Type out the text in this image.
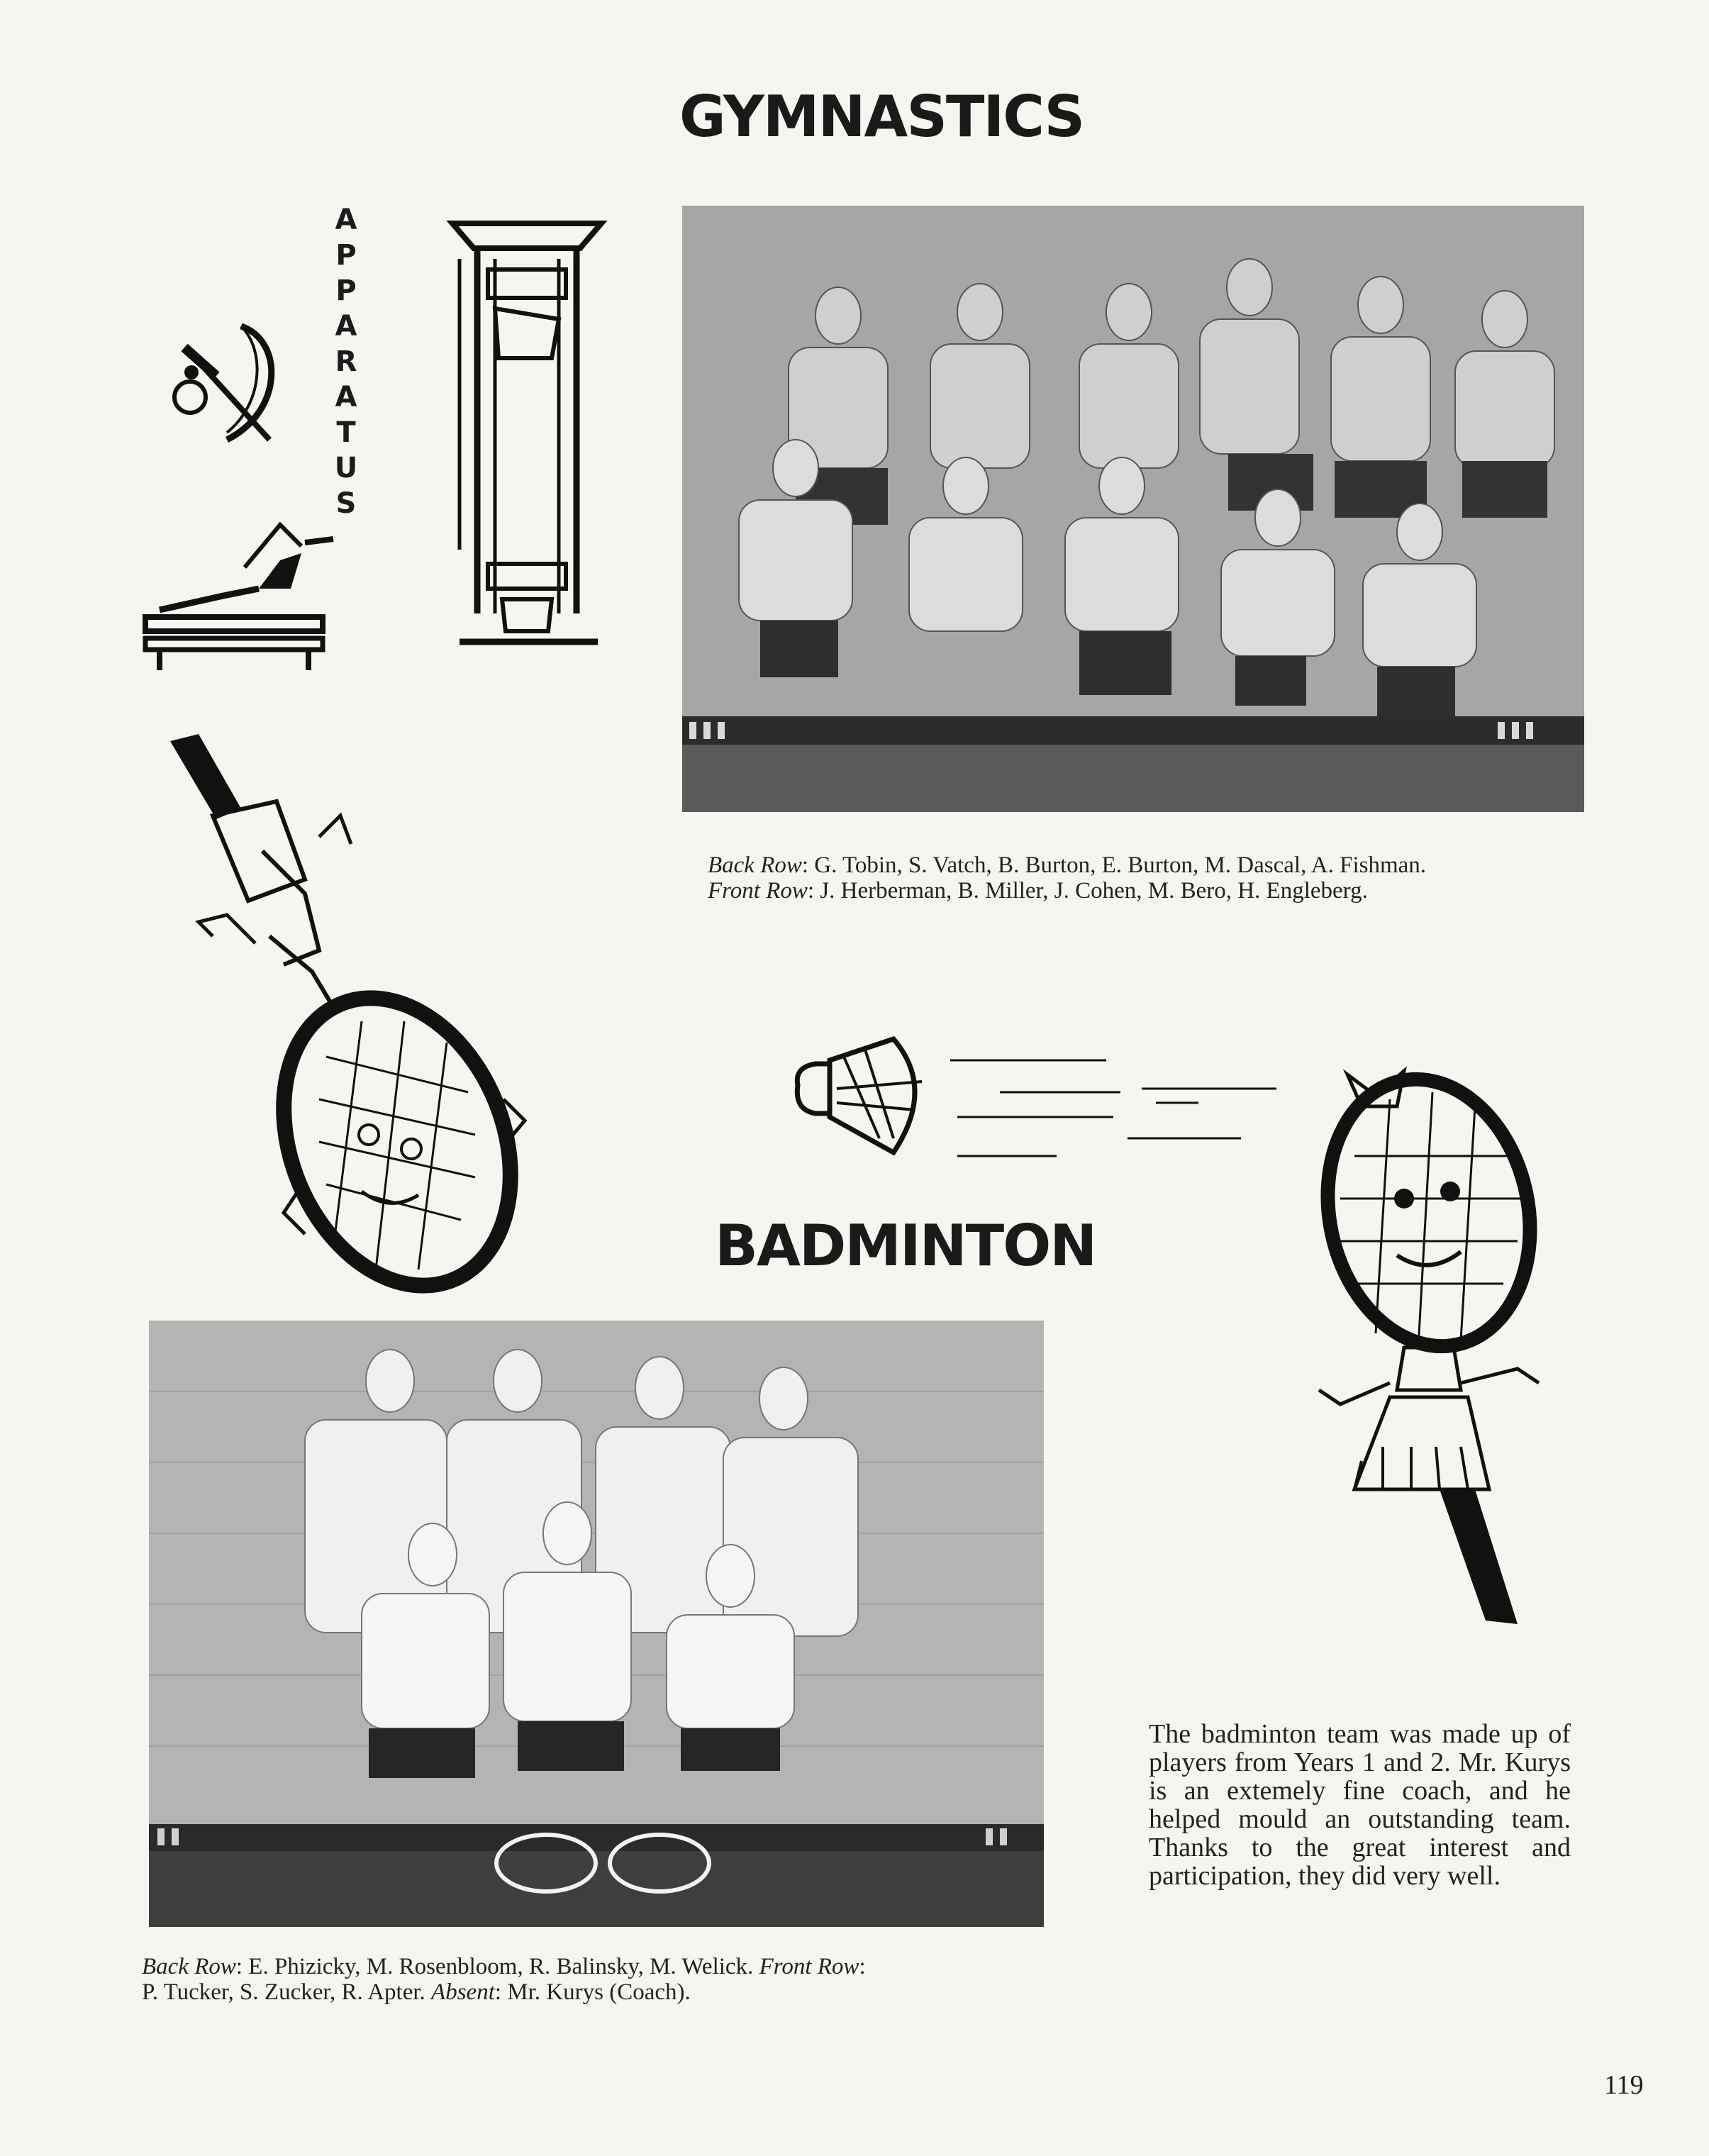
GYMNASTICS
A
P
P
A
R
A
T
U
S
Back Row: G. Tobin, S. Vatch, B. Burton, E. Burton, M. Dascal, A. Fishman.
Front Row: J. Herberman, B. Miller, J. Cohen, M. Bero, H. Engleberg.
BADMINTON
The badminton team was made up of players from Years 1 and 2. Mr. Kurys is an extemely fine coach, and he helped mould an outstanding team. Thanks to the great interest and participation, they did very well.
Back Row: E. Phizicky, M. Rosenbloom, R. Balinsky, M. Welick. Front Row:
P. Tucker, S. Zucker, R. Apter. Absent: Mr. Kurys (Coach).
119
